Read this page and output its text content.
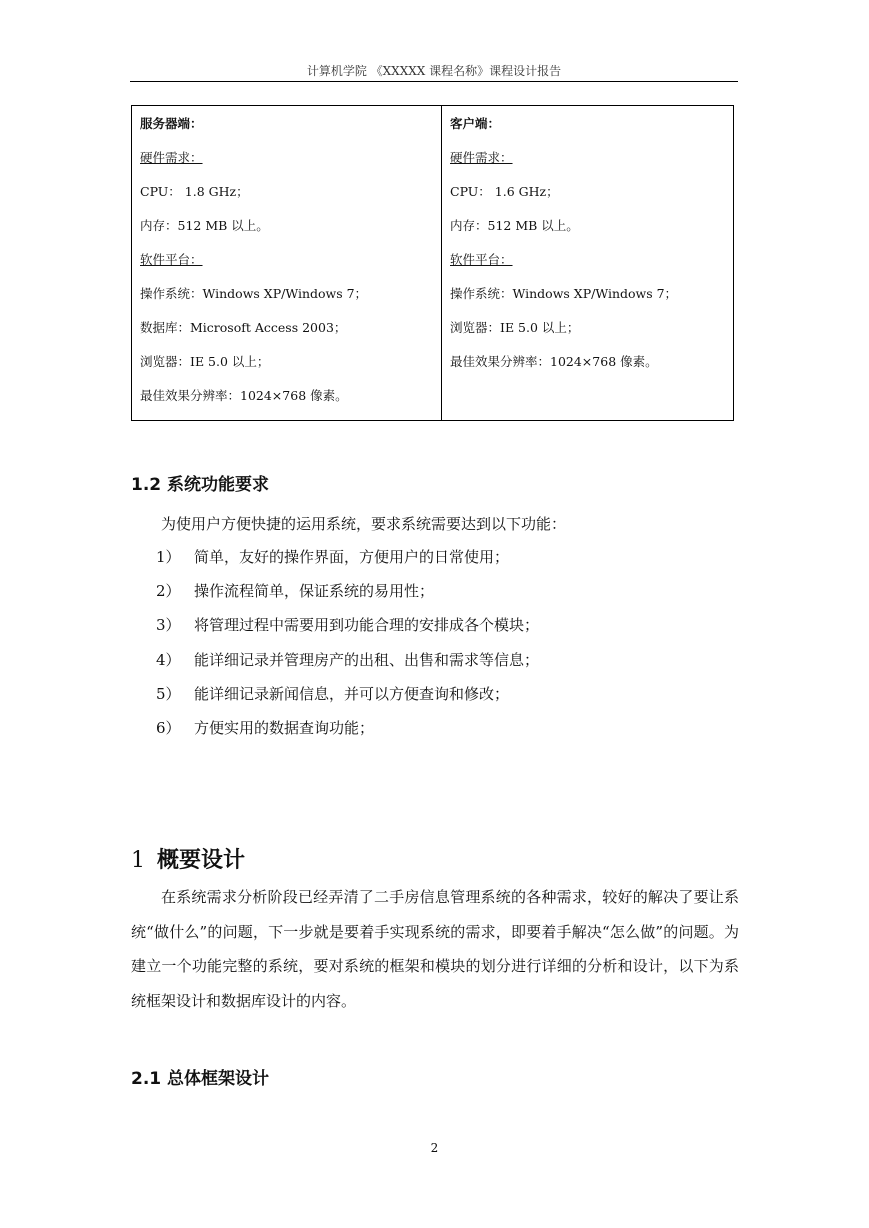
计算机学院 《XXXXX 课程名称》课程设计报告
服务器端：
硬件需求：
CPU： 1.8 GHz；
内存：512 MB 以上。
软件平台：
操作系统：Windows XP/Windows 7；
数据库：Microsoft Access 2003；
浏览器：IE 5.0 以上；
最佳效果分辨率：1024×768 像素。

客户端：
硬件需求：
CPU： 1.6 GHz；
内存：512 MB 以上。
软件平台：
操作系统：Windows XP/Windows 7；
浏览器：IE 5.0 以上；
最佳效果分辨率：1024×768 像素。
1.2 系统功能要求
为使用户方便快捷的运用系统，要求系统需要达到以下功能：
1） 简单，友好的操作界面，方便用户的日常使用；
2） 操作流程简单，保证系统的易用性；
3） 将管理过程中需要用到功能合理的安排成各个模块；
4） 能详细记录并管理房产的出租、出售和需求等信息；
5） 能详细记录新闻信息，并可以方便查询和修改；
6） 方便实用的数据查询功能；
1 概要设计
在系统需求分析阶段已经弄清了二手房信息管理系统的各种需求，较好的解决了要让系统“做什么”的问题，下一步就是要着手实现系统的需求，即要着手解决“怎么做”的问题。为建立一个功能完整的系统，要对系统的框架和模块的划分进行详细的分析和设计，以下为系统框架设计和数据库设计的内容。
2.1 总体框架设计
2
